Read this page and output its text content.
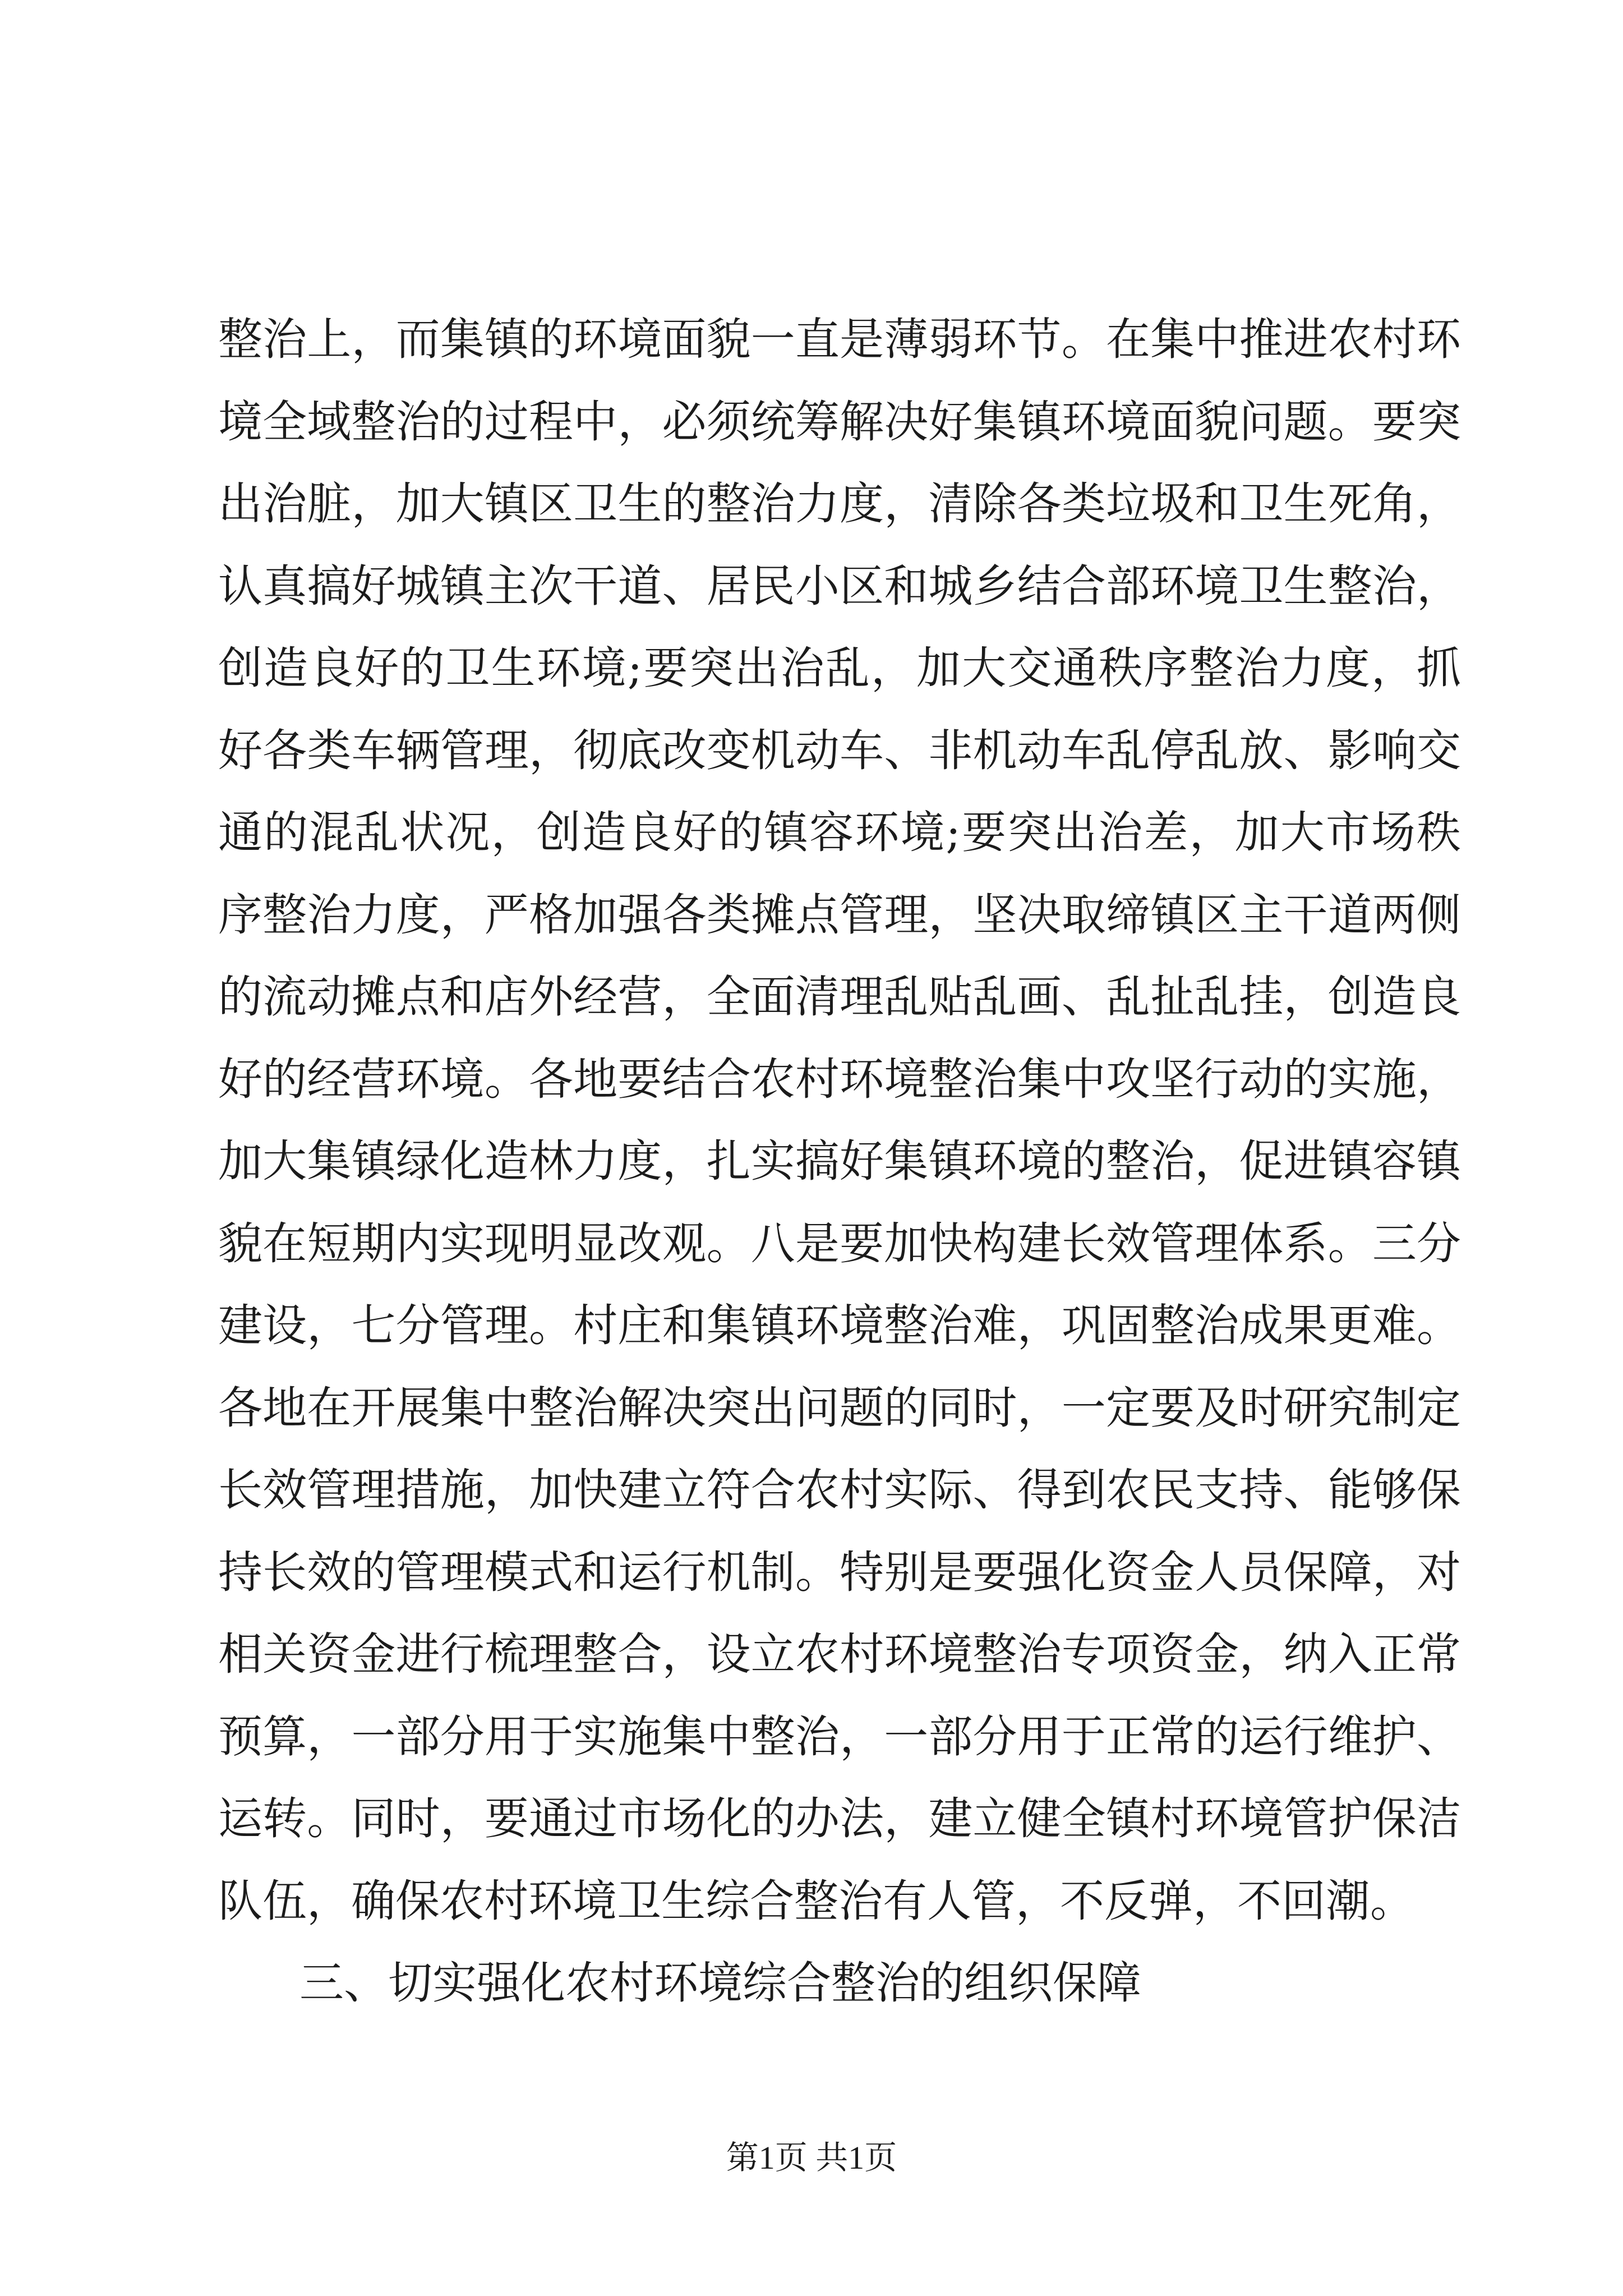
整治上，而集镇的环境面貌一直是薄弱环节。在集中推进农村环
境全域整治的过程中，必须统筹解决好集镇环境面貌问题。要突
出治脏，加大镇区卫生的整治力度，清除各类垃圾和卫生死角，
认真搞好城镇主次干道、居民小区和城乡结合部环境卫生整治，
创造良好的卫生环境;要突出治乱，加大交通秩序整治力度，抓
好各类车辆管理，彻底改变机动车、非机动车乱停乱放、影响交
通的混乱状况，创造良好的镇容环境;要突出治差，加大市场秩
序整治力度，严格加强各类摊点管理，坚决取缔镇区主干道两侧
的流动摊点和店外经营，全面清理乱贴乱画、乱扯乱挂，创造良
好的经营环境。各地要结合农村环境整治集中攻坚行动的实施，
加大集镇绿化造林力度，扎实搞好集镇环境的整治，促进镇容镇
貌在短期内实现明显改观。八是要加快构建长效管理体系。三分
建设，七分管理。村庄和集镇环境整治难，巩固整治成果更难。
各地在开展集中整治解决突出问题的同时，一定要及时研究制定
长效管理措施，加快建立符合农村实际、得到农民支持、能够保
持长效的管理模式和运行机制。特别是要强化资金人员保障，对
相关资金进行梳理整合，设立农村环境整治专项资金，纳入正常
预算，一部分用于实施集中整治，一部分用于正常的运行维护、
运转。同时，要通过市场化的办法，建立健全镇村环境管护保洁
队伍，确保农村环境卫生综合整治有人管，不反弹，不回潮。
三、切实强化农村环境综合整治的组织保障
第1页 共1页
